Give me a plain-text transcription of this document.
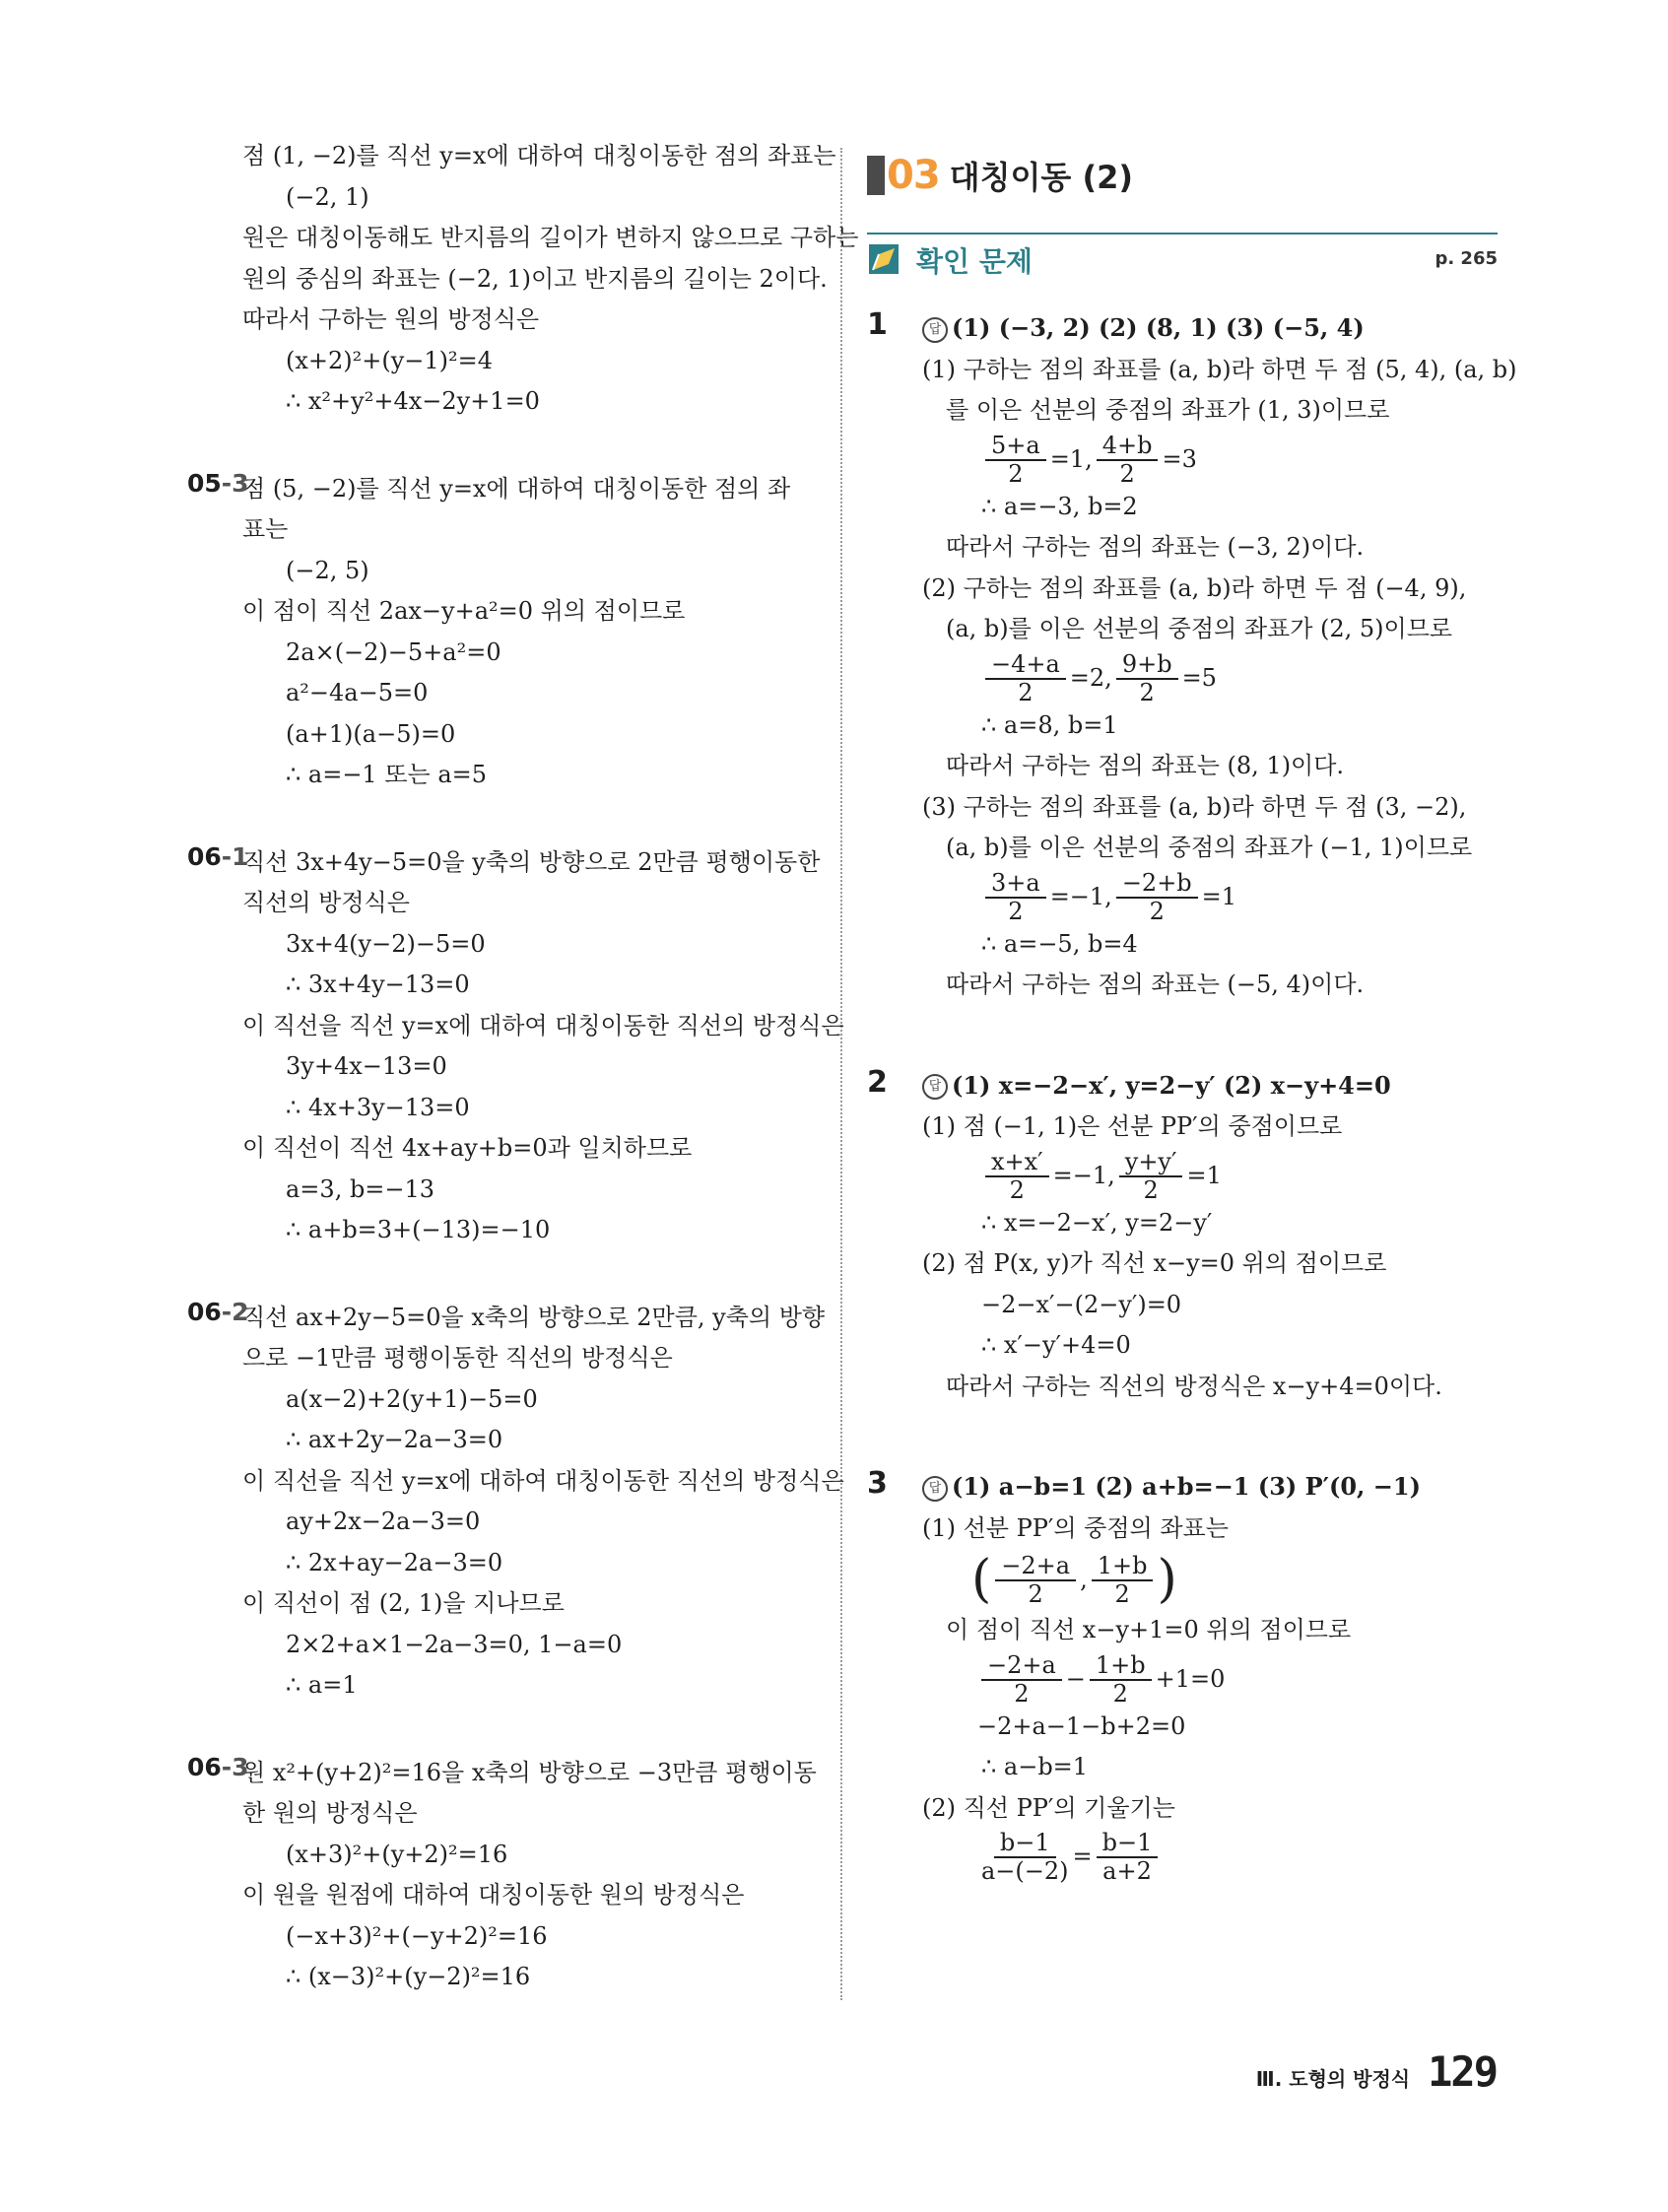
점 (1, −2)를 직선 y=x에 대하여 대칭이동한 점의 좌표는
(−2, 1)
원은 대칭이동해도 반지름의 길이가 변하지 않으므로 구하는
원의 중심의 좌표는 (−2, 1)이고 반지름의 길이는 2이다.
따라서 구하는 원의 방정식은
(x+2)²+(y−1)²=4
∴ x²+y²+4x−2y+1=0
05-3
점 (5, −2)를 직선 y=x에 대하여 대칭이동한 점의 좌
표는
(−2, 5)
이 점이 직선 2ax−y+a²=0 위의 점이므로
2a×(−2)−5+a²=0
a²−4a−5=0
(a+1)(a−5)=0
∴ a=−1 또는 a=5
06-1
직선 3x+4y−5=0을 y축의 방향으로 2만큼 평행이동한
직선의 방정식은
3x+4(y−2)−5=0
∴ 3x+4y−13=0
이 직선을 직선 y=x에 대하여 대칭이동한 직선의 방정식은
3y+4x−13=0
∴ 4x+3y−13=0
이 직선이 직선 4x+ay+b=0과 일치하므로
a=3, b=−13
∴ a+b=3+(−13)=−10
06-2
직선 ax+2y−5=0을 x축의 방향으로 2만큼, y축의 방향
으로 −1만큼 평행이동한 직선의 방정식은
a(x−2)+2(y+1)−5=0
∴ ax+2y−2a−3=0
이 직선을 직선 y=x에 대하여 대칭이동한 직선의 방정식은
ay+2x−2a−3=0
∴ 2x+ay−2a−3=0
이 직선이 점 (2, 1)을 지나므로
2×2+a×1−2a−3=0, 1−a=0
∴ a=1
06-3
원 x²+(y+2)²=16을 x축의 방향으로 −3만큼 평행이동
한 원의 방정식은
(x+3)²+(y+2)²=16
이 원을 원점에 대하여 대칭이동한 원의 방정식은
(−x+3)²+(−y+2)²=16
∴ (x−3)²+(y−2)²=16
03 대칭이동 (2)
확인 문제	p. 265
1	답 (1) (−3, 2) (2) (8, 1) (3) (−5, 4)
(1) 구하는 점의 좌표를 (a, b)라 하면 두 점 (5, 4), (a, b)
를 이은 선분의 중점의 좌표가 (1, 3)이므로
$\frac{5+a}{2} =1$, $\frac{4+b}{2} =3$
∴ a=−3, b=2
따라서 구하는 점의 좌표는 (−3, 2)이다.
(2) 구하는 점의 좌표를 (a, b)라 하면 두 점 (−4, 9),
(a, b)를 이은 선분의 중점의 좌표가 (2, 5)이므로
$\frac{-4+a}{2} =2$, $\frac{9+b}{2} =5$
∴ a=8, b=1
따라서 구하는 점의 좌표는 (8, 1)이다.
(3) 구하는 점의 좌표를 (a, b)라 하면 두 점 (3, −2),
(a, b)를 이은 선분의 중점의 좌표가 (−1, 1)이므로
$\frac{3+a}{2} =-1$, $\frac{-2+b}{2} =1$
∴ a=−5, b=4
따라서 구하는 점의 좌표는 (−5, 4)이다.
2	답 (1) x=−2−x′, y=2−y′ (2) x−y+4=0
(1) 점 (−1, 1)은 선분 PP′의 중점이므로
$\frac{x+x'}{2} =-1$, $\frac{y+y'}{2} =1$
∴ x=−2−x′, y=2−y′
(2) 점 P(x, y)가 직선 x−y=0 위의 점이므로
−2−x′−(2−y′)=0
∴ x′−y′+4=0
따라서 구하는 직선의 방정식은 x−y+4=0이다.
3	답 (1) a−b=1 (2) a+b=−1 (3) P′(0, −1)
(1) 선분 PP′의 중점의 좌표는
( $\frac{-2+a}{2}$ , $\frac{1+b}{2}$ )
이 점이 직선 x−y+1=0 위의 점이므로
$\frac{-2+a}{2} - \frac{1+b}{2} +1=0$
−2+a−1−b+2=0
∴ a−b=1
(2) 직선 PP′의 기울기는
$\frac{b-1}{a-(-2)} = \frac{b-1}{a+2}$
Ⅲ. 도형의 방정식 129
